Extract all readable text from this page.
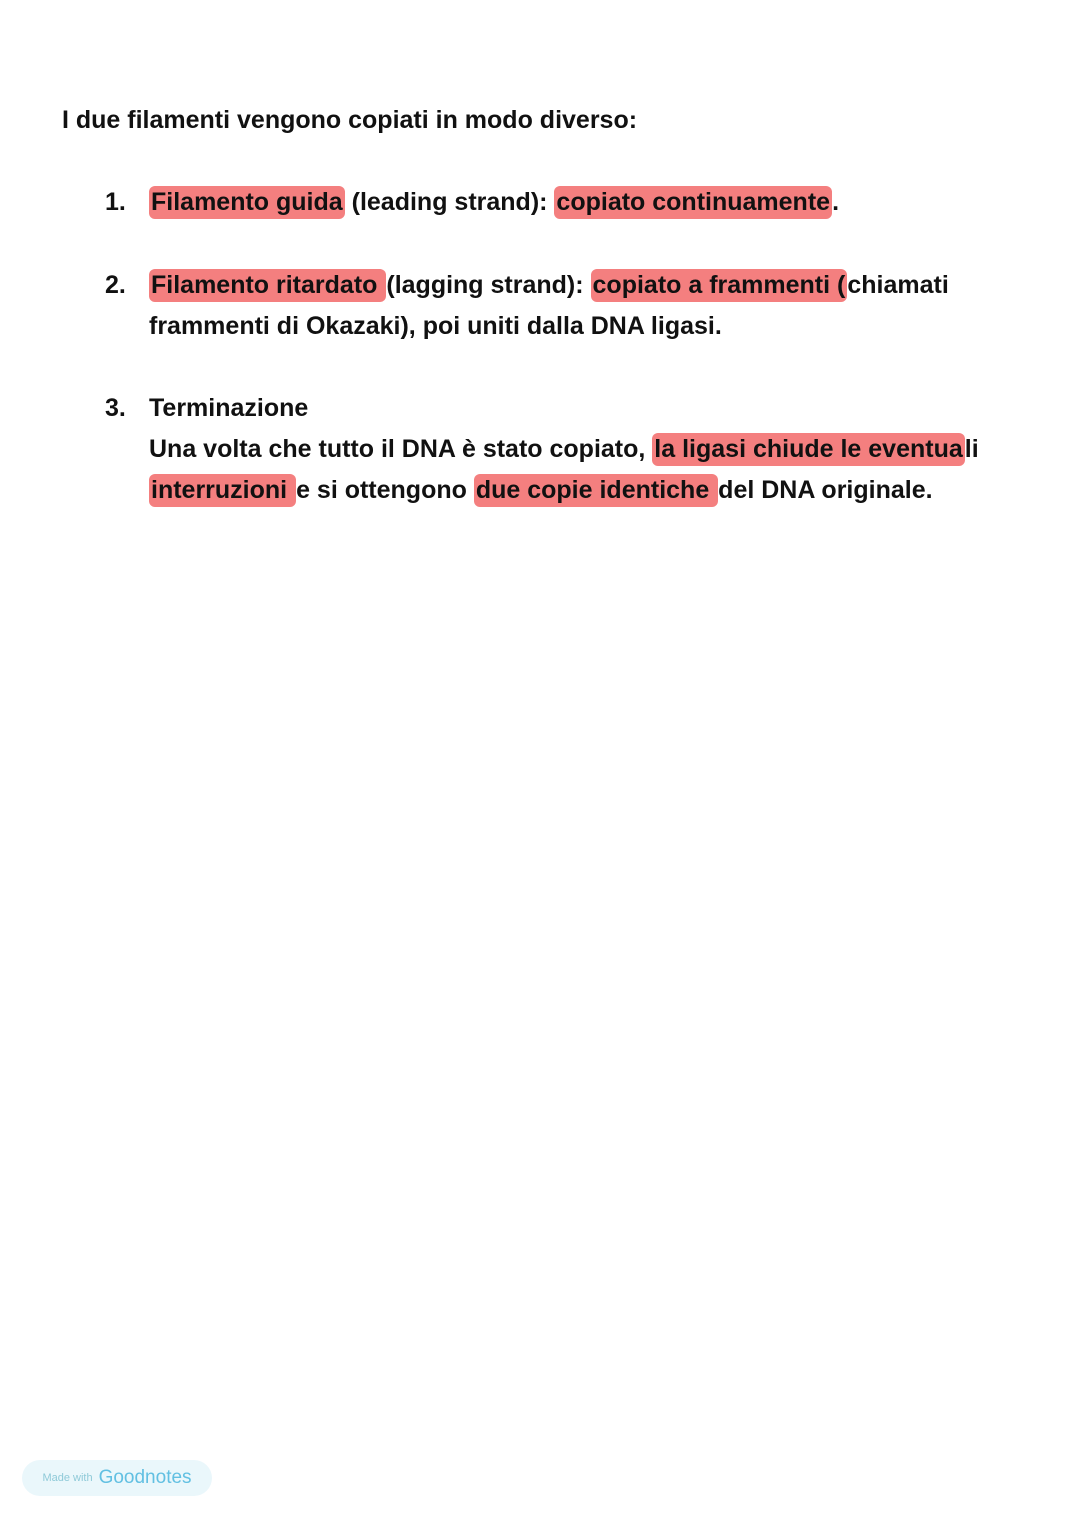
I due filamenti vengono copiati in modo diverso:
1. Filamento guida (leading strand): copiato continuamente.
2. Filamento ritardato (lagging strand): copiato a frammenti (chiamati
frammenti di Okazaki), poi uniti dalla DNA ligasi.
3. Terminazione
Una volta che tutto il DNA è stato copiato, la ligasi chiude le eventuali
interruzioni e si ottengono due copie identiche del DNA originale.
Made with Goodnotes
